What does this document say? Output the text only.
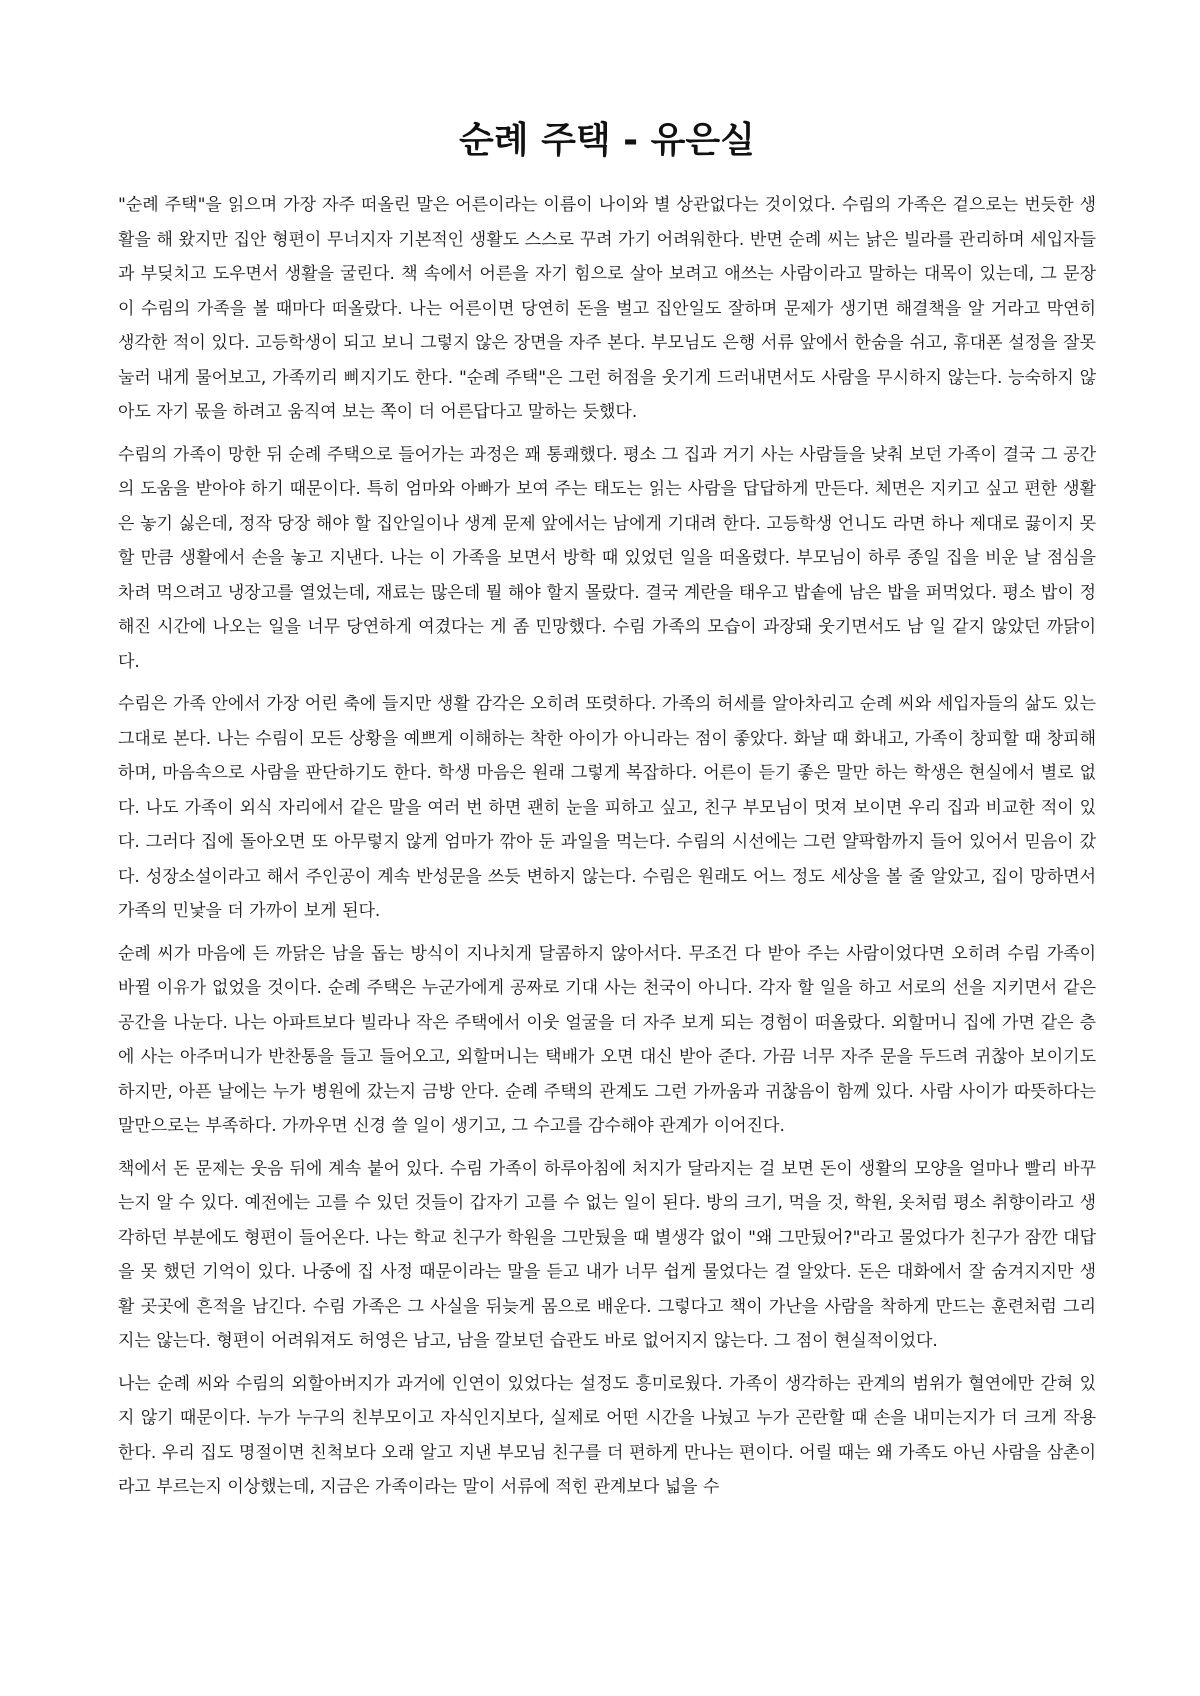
순례 주택 - 유은실

"순례 주택"을 읽으며 가장 자주 떠올린 말은 어른이라는 이름이 나이와 별 상관없다는 것이었다. 수림의 가족은 겉으로는 번듯한 생활을 해 왔지만 집안 형편이 무너지자 기본적인 생활도 스스로 꾸려 가기 어려워한다. 반면 순례 씨는 낡은 빌라를 관리하며 세입자들과 부딪치고 도우면서 생활을 굴린다. 책 속에서 어른을 자기 힘으로 살아 보려고 애쓰는 사람이라고 말하는 대목이 있는데, 그 문장이 수림의 가족을 볼 때마다 떠올랐다. 나는 어른이면 당연히 돈을 벌고 집안일도 잘하며 문제가 생기면 해결책을 알 거라고 막연히 생각한 적이 있다. 고등학생이 되고 보니 그렇지 않은 장면을 자주 본다. 부모님도 은행 서류 앞에서 한숨을 쉬고, 휴대폰 설정을 잘못 눌러 내게 물어보고, 가족끼리 삐지기도 한다. "순례 주택"은 그런 허점을 웃기게 드러내면서도 사람을 무시하지 않는다. 능숙하지 않아도 자기 몫을 하려고 움직여 보는 쪽이 더 어른답다고 말하는 듯했다.

수림의 가족이 망한 뒤 순례 주택으로 들어가는 과정은 꽤 통쾌했다. 평소 그 집과 거기 사는 사람들을 낮춰 보던 가족이 결국 그 공간의 도움을 받아야 하기 때문이다. 특히 엄마와 아빠가 보여 주는 태도는 읽는 사람을 답답하게 만든다. 체면은 지키고 싶고 편한 생활은 놓기 싫은데, 정작 당장 해야 할 집안일이나 생계 문제 앞에서는 남에게 기대려 한다. 고등학생 언니도 라면 하나 제대로 끓이지 못할 만큼 생활에서 손을 놓고 지낸다. 나는 이 가족을 보면서 방학 때 있었던 일을 떠올렸다. 부모님이 하루 종일 집을 비운 날 점심을 차려 먹으려고 냉장고를 열었는데, 재료는 많은데 뭘 해야 할지 몰랐다. 결국 계란을 태우고 밥솥에 남은 밥을 퍼먹었다. 평소 밥이 정해진 시간에 나오는 일을 너무 당연하게 여겼다는 게 좀 민망했다. 수림 가족의 모습이 과장돼 웃기면서도 남 일 같지 않았던 까닭이다.

수림은 가족 안에서 가장 어린 축에 들지만 생활 감각은 오히려 또렷하다. 가족의 허세를 알아차리고 순례 씨와 세입자들의 삶도 있는 그대로 본다. 나는 수림이 모든 상황을 예쁘게 이해하는 착한 아이가 아니라는 점이 좋았다. 화날 때 화내고, 가족이 창피할 때 창피해하며, 마음속으로 사람을 판단하기도 한다. 학생 마음은 원래 그렇게 복잡하다. 어른이 듣기 좋은 말만 하는 학생은 현실에서 별로 없다. 나도 가족이 외식 자리에서 같은 말을 여러 번 하면 괜히 눈을 피하고 싶고, 친구 부모님이 멋져 보이면 우리 집과 비교한 적이 있다. 그러다 집에 돌아오면 또 아무렇지 않게 엄마가 깎아 둔 과일을 먹는다. 수림의 시선에는 그런 얄팍함까지 들어 있어서 믿음이 갔다. 성장소설이라고 해서 주인공이 계속 반성문을 쓰듯 변하지 않는다. 수림은 원래도 어느 정도 세상을 볼 줄 알았고, 집이 망하면서 가족의 민낯을 더 가까이 보게 된다.

순례 씨가 마음에 든 까닭은 남을 돕는 방식이 지나치게 달콤하지 않아서다. 무조건 다 받아 주는 사람이었다면 오히려 수림 가족이 바뀔 이유가 없었을 것이다. 순례 주택은 누군가에게 공짜로 기대 사는 천국이 아니다. 각자 할 일을 하고 서로의 선을 지키면서 같은 공간을 나눈다. 나는 아파트보다 빌라나 작은 주택에서 이웃 얼굴을 더 자주 보게 되는 경험이 떠올랐다. 외할머니 집에 가면 같은 층에 사는 아주머니가 반찬통을 들고 들어오고, 외할머니는 택배가 오면 대신 받아 준다. 가끔 너무 자주 문을 두드려 귀찮아 보이기도 하지만, 아픈 날에는 누가 병원에 갔는지 금방 안다. 순례 주택의 관계도 그런 가까움과 귀찮음이 함께 있다. 사람 사이가 따뜻하다는 말만으로는 부족하다. 가까우면 신경 쓸 일이 생기고, 그 수고를 감수해야 관계가 이어진다.

책에서 돈 문제는 웃음 뒤에 계속 붙어 있다. 수림 가족이 하루아침에 처지가 달라지는 걸 보면 돈이 생활의 모양을 얼마나 빨리 바꾸는지 알 수 있다. 예전에는 고를 수 있던 것들이 갑자기 고를 수 없는 일이 된다. 방의 크기, 먹을 것, 학원, 옷처럼 평소 취향이라고 생각하던 부분에도 형편이 들어온다. 나는 학교 친구가 학원을 그만뒀을 때 별생각 없이 "왜 그만뒀어?"라고 물었다가 친구가 잠깐 대답을 못 했던 기억이 있다. 나중에 집 사정 때문이라는 말을 듣고 내가 너무 쉽게 물었다는 걸 알았다. 돈은 대화에서 잘 숨겨지지만 생활 곳곳에 흔적을 남긴다. 수림 가족은 그 사실을 뒤늦게 몸으로 배운다. 그렇다고 책이 가난을 사람을 착하게 만드는 훈련처럼 그리지는 않는다. 형편이 어려워져도 허영은 남고, 남을 깔보던 습관도 바로 없어지지 않는다. 그 점이 현실적이었다.

나는 순례 씨와 수림의 외할아버지가 과거에 인연이 있었다는 설정도 흥미로웠다. 가족이 생각하는 관계의 범위가 혈연에만 갇혀 있지 않기 때문이다. 누가 누구의 친부모이고 자식인지보다, 실제로 어떤 시간을 나눴고 누가 곤란할 때 손을 내미는지가 더 크게 작용한다. 우리 집도 명절이면 친척보다 오래 알고 지낸 부모님 친구를 더 편하게 만나는 편이다. 어릴 때는 왜 가족도 아닌 사람을 삼촌이라고 부르는지 이상했는데, 지금은 가족이라는 말이 서류에 적힌 관계보다 넓을 수
